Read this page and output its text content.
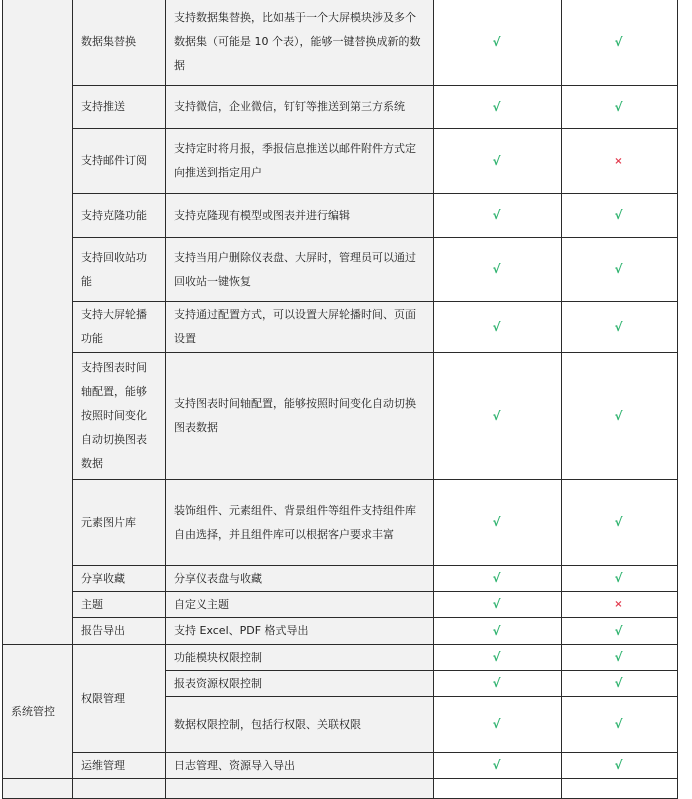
	数据集替换	支持数据集替换，比如基于一个大屏模块涉及多个数据集（可能是 10 个表），能够一键替换成新的数据	√	√
	支持推送	支持微信，企业微信，钉钉等推送到第三方系统	√	√
	支持邮件订阅	支持定时将月报，季报信息推送以邮件附件方式定向推送到指定用户	√	×
	支持克隆功能	支持克隆现有模型或图表并进行编辑	√	√
	支持回收站功能	支持当用户删除仪表盘、大屏时，管理员可以通过回收站一键恢复	√	√
	支持大屏轮播功能	支持通过配置方式，可以设置大屏轮播时间、页面设置	√	√
	支持图表时间轴配置，能够按照时间变化自动切换图表数据	支持图表时间轴配置，能够按照时间变化自动切换图表数据	√	√
	元素图片库	装饰组件、元素组件、背景组件等组件支持组件库自由选择，并且组件库可以根据客户要求丰富	√	√
	分享收藏	分享仪表盘与收藏	√	√
	主题	自定义主题	√	×
	报告导出	支持 Excel、PDF 格式导出	√	√
系统管控	权限管理	功能模块权限控制	√	√
		报表资源权限控制	√	√
		数据权限控制，包括行权限、关联权限	√	√
	运维管理	日志管理、资源导入导出	√	√
